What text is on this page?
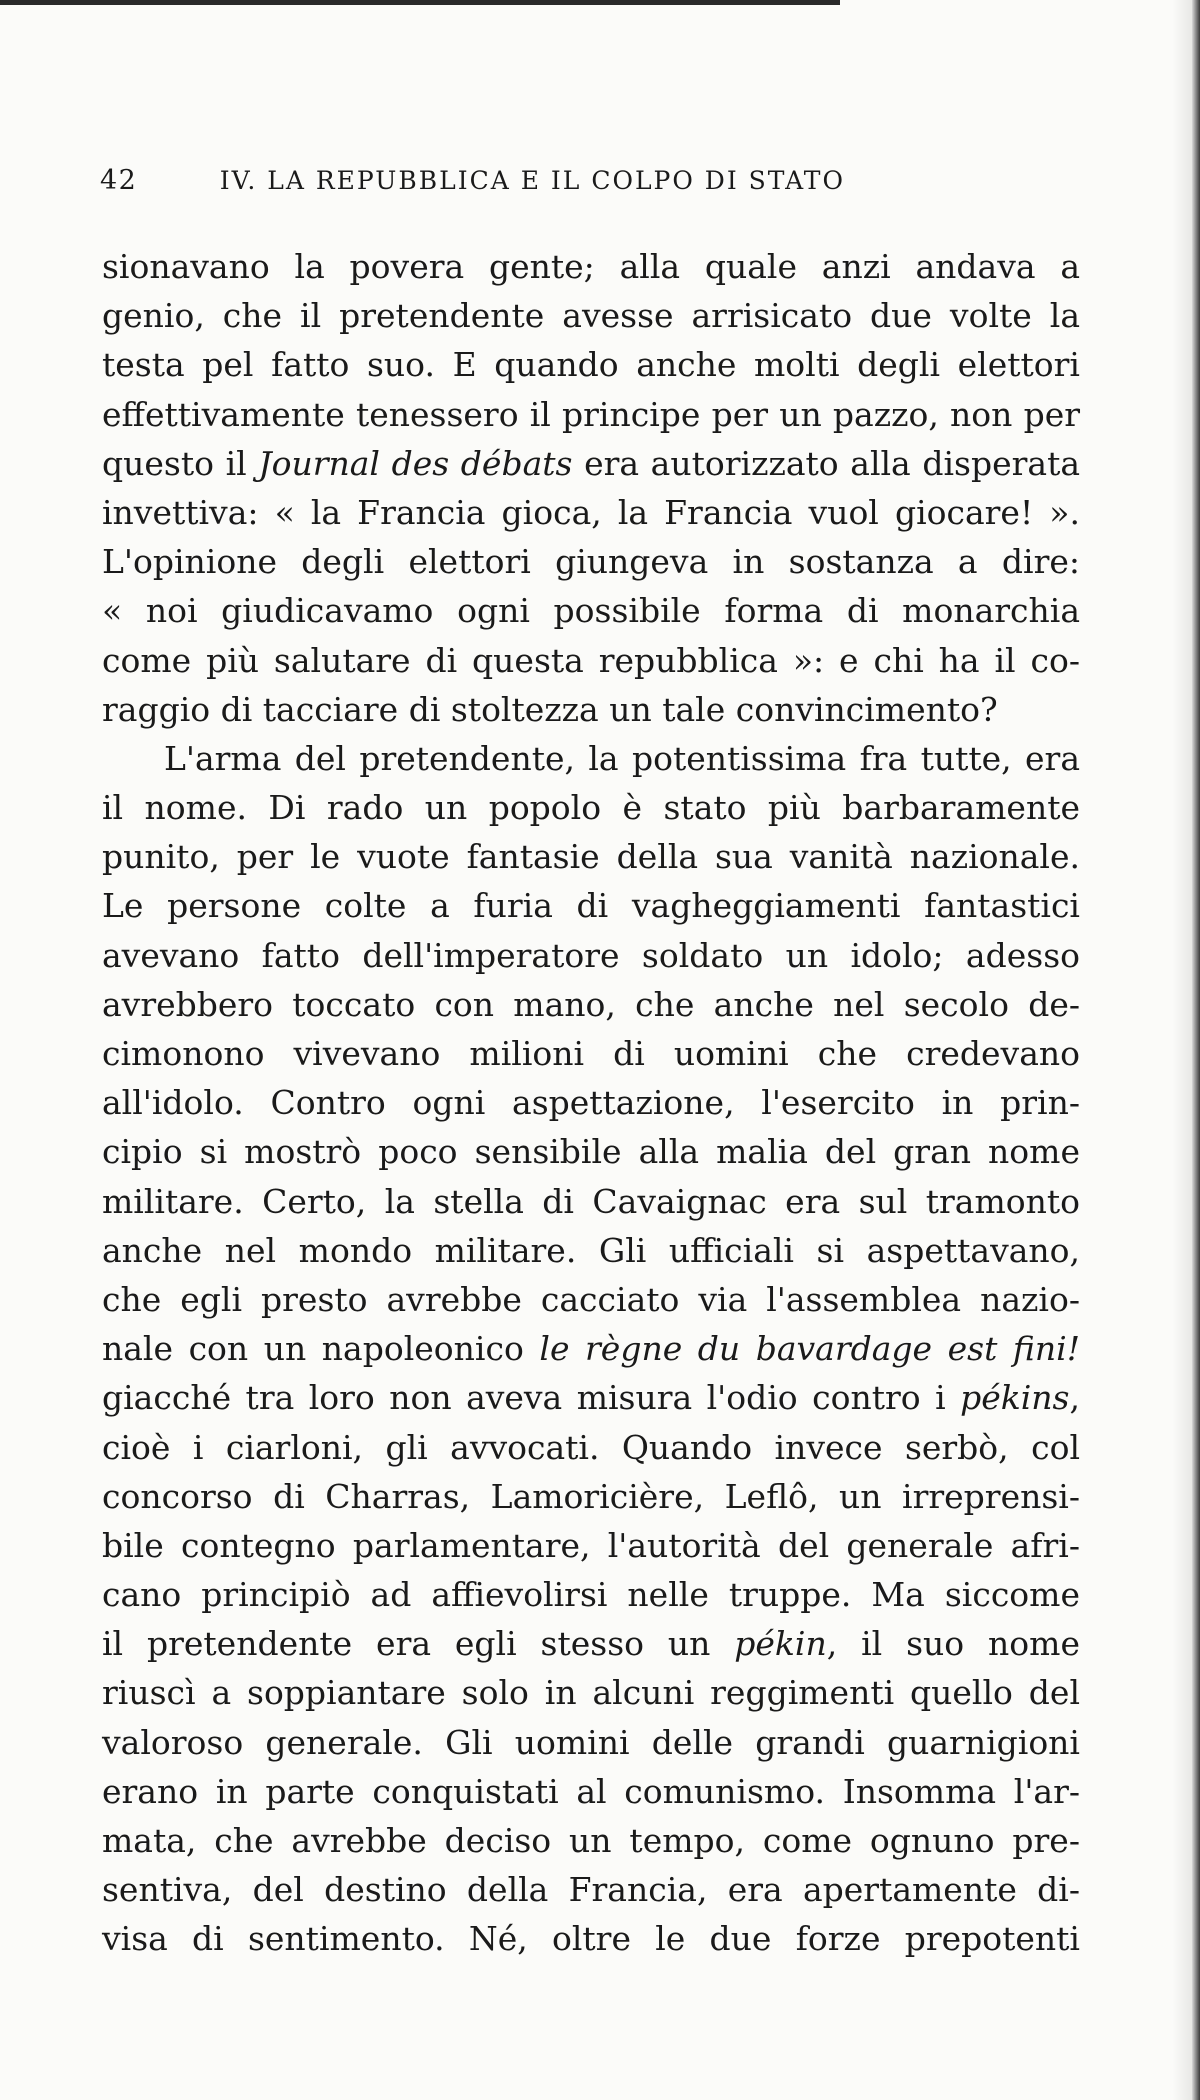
42	IV. LA REPUBBLICA E IL COLPO DI STATO
sionavano la povera gente; alla quale anzi andava a
genio, che il pretendente avesse arrisicato due volte la
testa pel fatto suo. E quando anche molti degli elettori
effettivamente tenessero il principe per un pazzo, non per
questo il Journal des débats era autorizzato alla disperata
invettiva: « la Francia gioca, la Francia vuol giocare! ».
L'opinione degli elettori giungeva in sostanza a dire:
« noi giudicavamo ogni possibile forma di monarchia
come più salutare di questa repubblica »: e chi ha il co-
raggio di tacciare di stoltezza un tale convincimento?
L'arma del pretendente, la potentissima fra tutte, era
il nome. Di rado un popolo è stato più barbaramente
punito, per le vuote fantasie della sua vanità nazionale.
Le persone colte a furia di vagheggiamenti fantastici
avevano fatto dell'imperatore soldato un idolo; adesso
avrebbero toccato con mano, che anche nel secolo de-
cimonono vivevano milioni di uomini che credevano
all'idolo. Contro ogni aspettazione, l'esercito in prin-
cipio si mostrò poco sensibile alla malia del gran nome
militare. Certo, la stella di Cavaignac era sul tramonto
anche nel mondo militare. Gli ufficiali si aspettavano,
che egli presto avrebbe cacciato via l'assemblea nazio-
nale con un napoleonico le règne du bavardage est fini!
giacché tra loro non aveva misura l'odio contro i pékins,
cioè i ciarloni, gli avvocati. Quando invece serbò, col
concorso di Charras, Lamoricière, Leflô, un irreprensi-
bile contegno parlamentare, l'autorità del generale afri-
cano principiò ad affievolirsi nelle truppe. Ma siccome
il pretendente era egli stesso un pékin, il suo nome
riuscì a soppiantare solo in alcuni reggimenti quello del
valoroso generale. Gli uomini delle grandi guarnigioni
erano in parte conquistati al comunismo. Insomma l'ar-
mata, che avrebbe deciso un tempo, come ognuno pre-
sentiva, del destino della Francia, era apertamente di-
visa di sentimento. Né, oltre le due forze prepotenti
